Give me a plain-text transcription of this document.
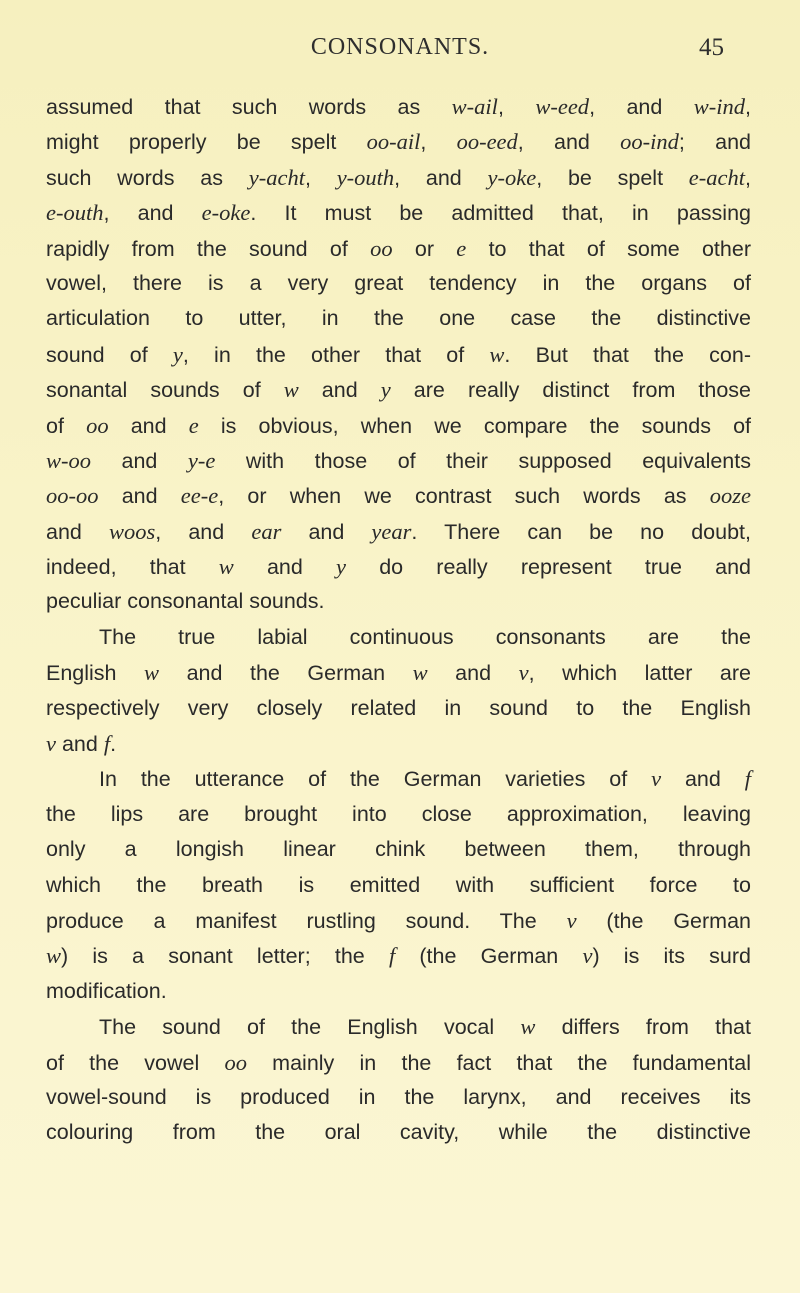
CONSONANTS.	45
assumed that such words as w-ail, w-eed, and w-ind,
might properly be spelt oo-ail, oo-eed, and oo-ind; and
such words as y-acht, y-outh, and y-oke, be spelt e-acht,
e-outh, and e-oke. It must be admitted that, in passing
rapidly from the sound of oo or e to that of some other
vowel, there is a very great tendency in the organs of
articulation to utter, in the one case the distinctive
sound of y, in the other that of w. But that the con-
sonantal sounds of w and y are really distinct from those
of oo and e is obvious, when we compare the sounds of
w-oo and y-e with those of their supposed equivalents
oo-oo and ee-e, or when we contrast such words as ooze
and woos, and ear and year. There can be no doubt,
indeed, that w and y do really represent true and
peculiar consonantal sounds.
The true labial continuous consonants are the
English w and the German w and v, which latter are
respectively very closely related in sound to the English
v and f.
In the utterance of the German varieties of v and f
the lips are brought into close approximation, leaving
only a longish linear chink between them, through
which the breath is emitted with sufficient force to
produce a manifest rustling sound. The v (the German
w) is a sonant letter; the f (the German v) is its surd
modification.
The sound of the English vocal w differs from that
of the vowel oo mainly in the fact that the fundamental
vowel-sound is produced in the larynx, and receives its
colouring from the oral cavity, while the distinctive
